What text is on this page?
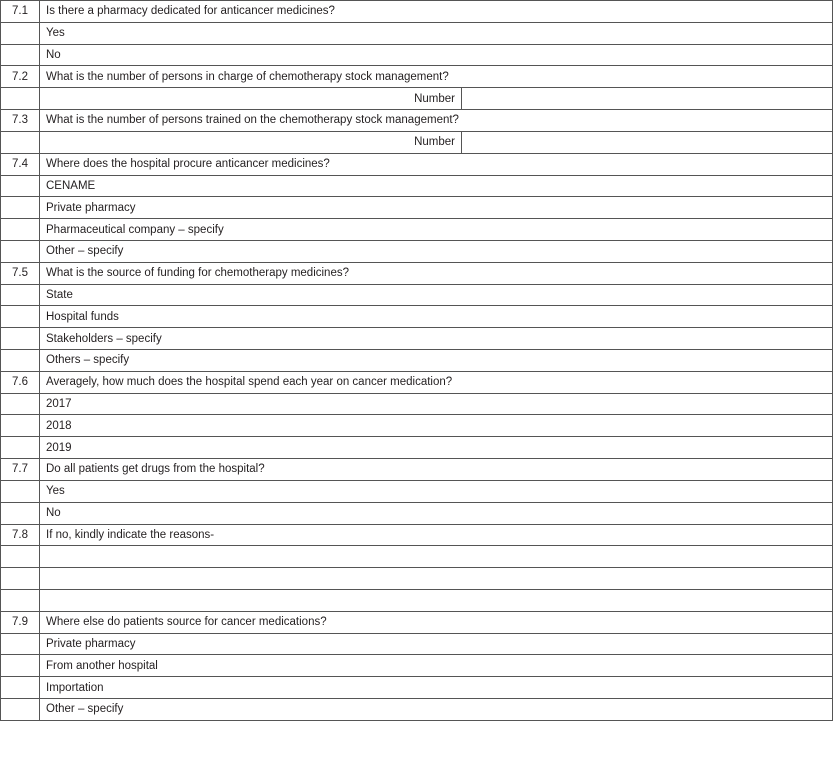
7.1	Is there a pharmacy dedicated for anticancer medicines?	
	Yes	
	No	
7.2	What is the number of persons in charge of chemotherapy stock management?	
	Number	
7.3	What is the number of persons trained on the chemotherapy stock management?	
	Number	
7.4	Where does the hospital procure anticancer medicines?	
	CENAME	
	Private pharmacy	
	Pharmaceutical company – specify	
	Other – specify	
7.5	What is the source of funding for chemotherapy medicines?	
	State	
	Hospital funds	
	Stakeholders – specify	
	Others – specify	
7.6	Averagely, how much does the hospital spend each year on cancer medication?	
	2017	
	2018	
	2019	
7.7	Do all patients get drugs from the hospital?	
	Yes	
	No	
7.8	If no, kindly indicate the reasons-	

7.9	Where else do patients source for cancer medications?	
	Private pharmacy	
	From another hospital	
	Importation	
	Other – specify	
